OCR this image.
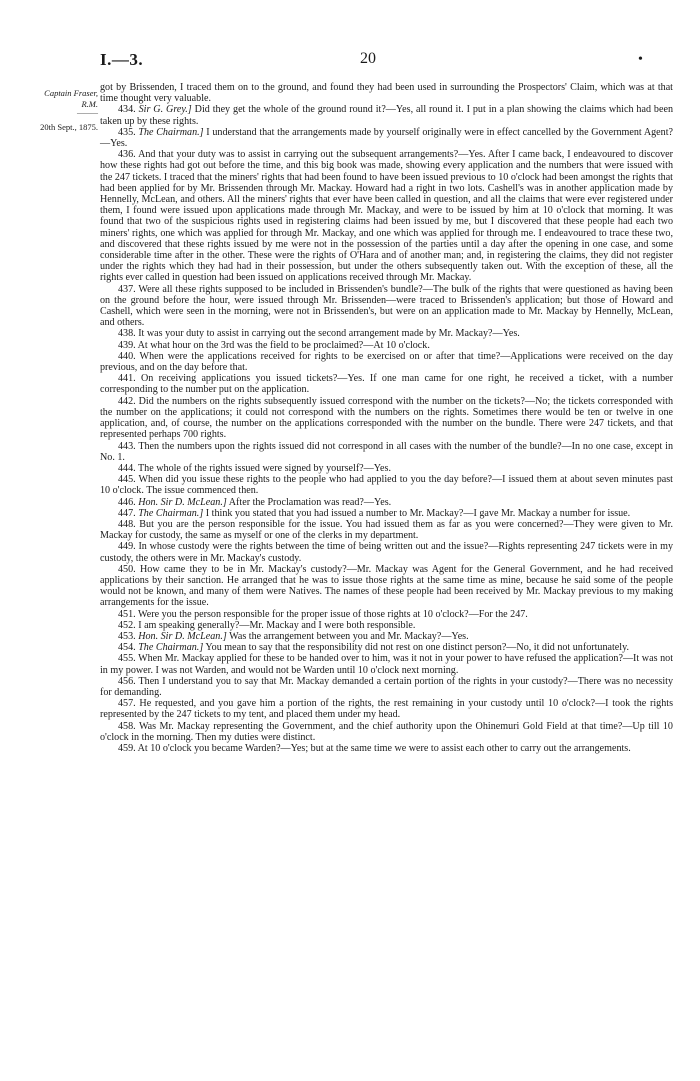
I.—3.	20	•
Captain Fraser,
R.M.
———
20th Sept., 1875.

got by Brissenden, I traced them on to the ground, and found they had been used in surrounding the Prospectors' Claim, which was at that time thought very valuable.

434. Sir G. Grey.] Did they get the whole of the ground round it?—Yes, all round it. I put in a plan showing the claims which had been taken up by these rights.

435. The Chairman.] I understand that the arrangements made by yourself originally were in effect cancelled by the Government Agent?—Yes.

436. And that your duty was to assist in carrying out the subsequent arrangements?—Yes. After I came back, I endeavoured to discover how these rights had got out before the time, and this big book was made, showing every application and the numbers that were issued with the 247 tickets. I traced that the miners' rights that had been found to have been issued previous to 10 o'clock had been amongst the rights that had been applied for by Mr. Brissenden through Mr. Mackay. Howard had a right in two lots. Cashell's was in another application made by Hennelly, McLean, and others. All the miners' rights that ever have been called in question, and all the claims that were ever registered under them, I found were issued upon applications made through Mr. Mackay, and were to be issued by him at 10 o'clock that morning. It was found that two of the suspicious rights used in registering claims had been issued by me, but I discovered that these people had each two miners' rights, one which was applied for through Mr. Mackay, and one which was applied for through me. I endeavoured to trace these two, and discovered that these rights issued by me were not in the possession of the parties until a day after the opening in one case, and some considerable time after in the other. These were the rights of O'Hara and of another man; and, in registering the claims, they did not register under the rights which they had had in their possession, but under the others subsequently taken out. With the exception of these, all the rights ever called in question had been issued on applications received through Mr. Mackay.

437. Were all these rights supposed to be included in Brissenden's bundle?—The bulk of the rights that were questioned as having been on the ground before the hour, were issued through Mr. Brissenden—were traced to Brissenden's application; but those of Howard and Cashell, which were seen in the morning, were not in Brissenden's, but were on an application made to Mr. Mackay by Hennelly, McLean, and others.

438. It was your duty to assist in carrying out the second arrangement made by Mr. Mackay?—Yes.

439. At what hour on the 3rd was the field to be proclaimed?—At 10 o'clock.

440. When were the applications received for rights to be exercised on or after that time?—Applications were received on the day previous, and on the day before that.

441. On receiving applications you issued tickets?—Yes. If one man came for one right, he received a ticket, with a number corresponding to the number put on the application.

442. Did the numbers on the rights subsequently issued correspond with the number on the tickets?—No; the tickets corresponded with the number on the applications; it could not correspond with the numbers on the rights. Sometimes there would be ten or twelve in one application, and, of course, the number on the applications corresponded with the number on the bundle. There were 247 tickets, and that represented perhaps 700 rights.

443. Then the numbers upon the rights issued did not correspond in all cases with the number of the bundle?—In no one case, except in No. 1.

444. The whole of the rights issued were signed by yourself?—Yes.

445. When did you issue these rights to the people who had applied to you the day before?—I issued them at about seven minutes past 10 o'clock. The issue commenced then.

446. Hon. Sir D. McLean.] After the Proclamation was read?—Yes.

447. The Chairman.] I think you stated that you had issued a number to Mr. Mackay?—I gave Mr. Mackay a number for issue.

448. But you are the person responsible for the issue. You had issued them as far as you were concerned?—They were given to Mr. Mackay for custody, the same as myself or one of the clerks in my department.

449. In whose custody were the rights between the time of being written out and the issue?—Rights representing 247 tickets were in my custody, the others were in Mr. Mackay's custody.

450. How came they to be in Mr. Mackay's custody?—Mr. Mackay was Agent for the General Government, and he had received applications by their sanction. He arranged that he was to issue those rights at the same time as mine, because he said some of the people would not be known, and many of them were Natives. The names of these people had been received by Mr. Mackay previous to my making arrangements for the issue.

451. Were you the person responsible for the proper issue of those rights at 10 o'clock?—For the 247.

452. I am speaking generally?—Mr. Mackay and I were both responsible.

453. Hon. Sir D. McLean.] Was the arrangement between you and Mr. Mackay?—Yes.

454. The Chairman.] You mean to say that the responsibility did not rest on one distinct person?—No, it did not unfortunately.

455. When Mr. Mackay applied for these to be handed over to him, was it not in your power to have refused the application?—It was not in my power. I was not Warden, and would not be Warden until 10 o'clock next morning.

456. Then I understand you to say that Mr. Mackay demanded a certain portion of the rights in your custody?—There was no necessity for demanding.

457. He requested, and you gave him a portion of the rights, the rest remaining in your custody until 10 o'clock?—I took the rights represented by the 247 tickets to my tent, and placed them under my head.

458. Was Mr. Mackay representing the Government, and the chief authority upon the Ohinemuri Gold Field at that time?—Up till 10 o'clock in the morning. Then my duties were distinct.

459. At 10 o'clock you became Warden?—Yes; but at the same time we were to assist each other to carry out the arrangements.
